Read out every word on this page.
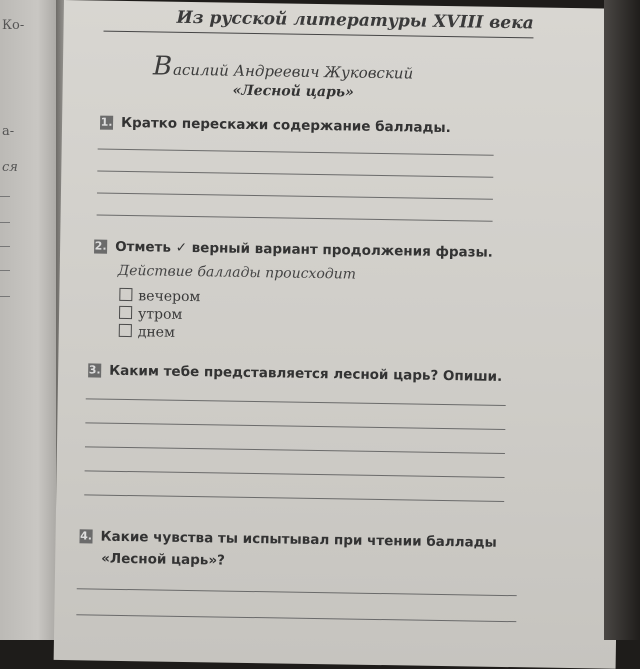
Ко-
а-
ся
Из русской литературы XVIII века
Василий Андреевич Жуковский
«Лесной царь»
1. Кратко перескажи содержание баллады.
2. Отметь ✓ верный вариант продолжения фразы.
Действие баллады происходит
вечером
утром
днем
3. Каким тебе представляется лесной царь? Опиши.
4. Какие чувства ты испытывал при чтении баллады
«Лесной царь»?
